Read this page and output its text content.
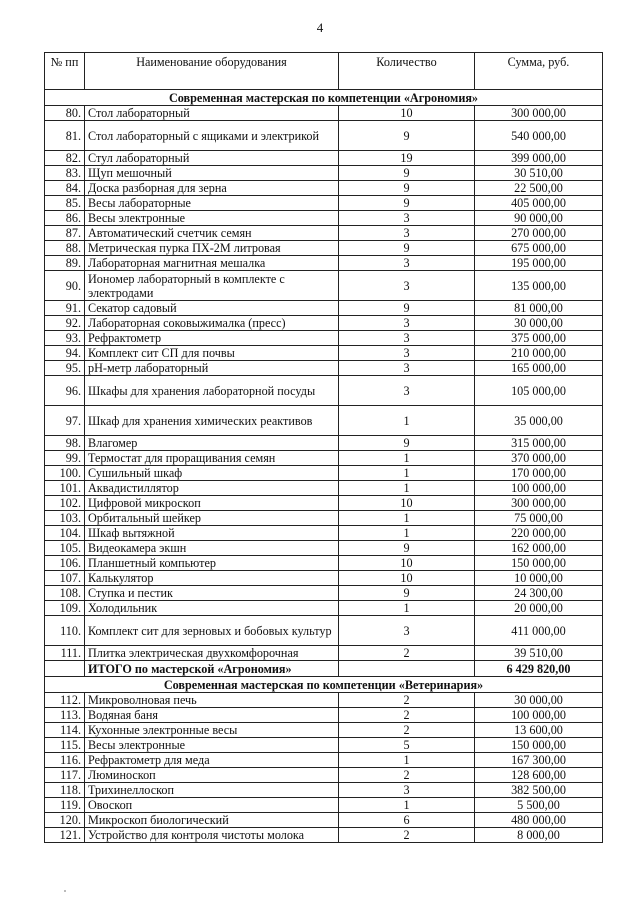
4
№ пп	Наименование оборудования	Количество	Сумма, руб.
Современная мастерская по компетенции «Агрономия»			
80.	Стол лабораторный	10	300 000,00
81.	Стол лабораторный с ящиками и электрикой	9	540 000,00
82.	Стул лабораторный	19	399 000,00
83.	Щуп мешочный	9	30 510,00
84.	Доска разборная для зерна	9	22 500,00
85.	Весы лабораторные	9	405 000,00
86.	Весы электронные	3	90 000,00
87.	Автоматический счетчик семян	3	270 000,00
88.	Метрическая пурка ПХ-2М литровая	9	675 000,00
89.	Лабораторная магнитная мешалка	3	195 000,00
90.	Иономер лабораторный в комплекте с электродами	3	135 000,00
91.	Секатор садовый	9	81 000,00
92.	Лабораторная соковыжималка (пресс)	3	30 000,00
93.	Рефрактометр	3	375 000,00
94.	Комплект сит СП для почвы	3	210 000,00
95.	pH-метр лабораторный	3	165 000,00
96.	Шкафы для хранения лабораторной посуды	3	105 000,00
97.	Шкаф для хранения химических реактивов	1	35 000,00
98.	Влагомер	9	315 000,00
99.	Термостат для проращивания семян	1	370 000,00
100.	Сушильный шкаф	1	170 000,00
101.	Аквадистиллятор	1	100 000,00
102.	Цифровой микроскоп	10	300 000,00
103.	Орбитальный шейкер	1	75 000,00
104.	Шкаф вытяжной	1	220 000,00
105.	Видеокамера экшн	9	162 000,00
106.	Планшетный компьютер	10	150 000,00
107.	Калькулятор	10	10 000,00
108.	Ступка и пестик	9	24 300,00
109.	Холодильник	1	20 000,00
110.	Комплект сит для зерновых и бобовых культур	3	411 000,00
111.	Плитка электрическая двухкомфорочная	2	39 510,00
	ИТОГО по мастерской «Агрономия»		6 429 820,00
Современная мастерская по компетенции «Ветеринария»			
112.	Микроволновая печь	2	30 000,00
113.	Водяная баня	2	100 000,00
114.	Кухонные электронные весы	2	13 600,00
115.	Весы электронные	5	150 000,00
116.	Рефрактометр для меда	1	167 300,00
117.	Люминоскоп	2	128 600,00
118.	Трихинеллоскоп	3	382 500,00
119.	Овоскоп	1	5 500,00
120.	Микроскоп биологический	6	480 000,00
121.	Устройство для контроля чистоты молока	2	8 000,00
